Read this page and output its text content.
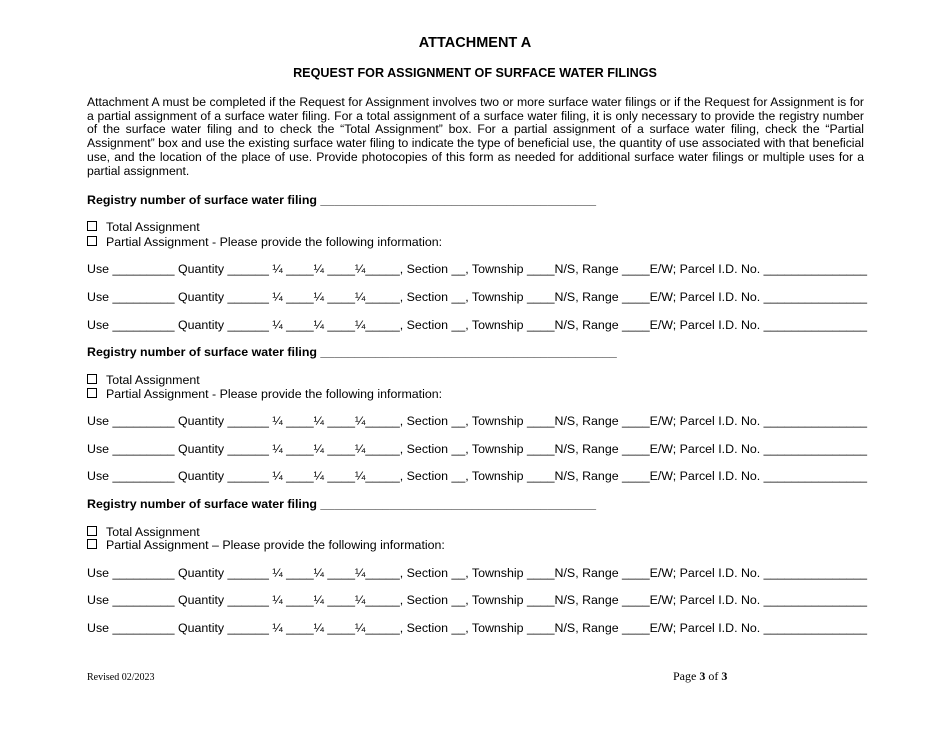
ATTACHMENT A
REQUEST FOR ASSIGNMENT OF SURFACE WATER FILINGS
Attachment A must be completed if the Request for Assignment involves two or more surface water filings or if the Request for Assignment is for a partial assignment of a surface water filing. For a total assignment of a surface water filing, it is only necessary to provide the registry number of the surface water filing and to check the “Total Assignment” box. For a partial assignment of a surface water filing, check the “Partial Assignment” box and use the existing surface water filing to indicate the type of beneficial use, the quantity of use associated with that beneficial use, and the location of the place of use. Provide photocopies of this form as needed for additional surface water filings or multiple uses for a partial assignment.
Registry number of surface water filing ________________________________________
Total Assignment
Partial Assignment - Please provide the following information:
Use _________ Quantity ______ ¼ ____¼ ____¼_____, Section __, Township ____N/S, Range ____E/W; Parcel I.D. No. _______________
Use _________ Quantity ______ ¼ ____¼ ____¼_____, Section __, Township ____N/S, Range ____E/W; Parcel I.D. No. _______________
Use _________ Quantity ______ ¼ ____¼ ____¼_____, Section __, Township ____N/S, Range ____E/W; Parcel I.D. No. _______________
Registry number of surface water filing ___________________________________________
Total Assignment
Partial Assignment - Please provide the following information:
Use _________ Quantity ______ ¼ ____¼ ____¼_____, Section __, Township ____N/S, Range ____E/W; Parcel I.D. No. _______________
Use _________ Quantity ______ ¼ ____¼ ____¼_____, Section __, Township ____N/S, Range ____E/W; Parcel I.D. No. _______________
Use _________ Quantity ______ ¼ ____¼ ____¼_____, Section __, Township ____N/S, Range ____E/W; Parcel I.D. No. _______________
Registry number of surface water filing ________________________________________
Total Assignment
Partial Assignment – Please provide the following information:
Use _________ Quantity ______ ¼ ____¼ ____¼_____, Section __, Township ____N/S, Range ____E/W; Parcel I.D. No. _______________
Use _________ Quantity ______ ¼ ____¼ ____¼_____, Section __, Township ____N/S, Range ____E/W; Parcel I.D. No. _______________
Use _________ Quantity ______ ¼ ____¼ ____¼_____, Section __, Township ____N/S, Range ____E/W; Parcel I.D. No. _______________
Revised 02/2023	Page 3 of 3
